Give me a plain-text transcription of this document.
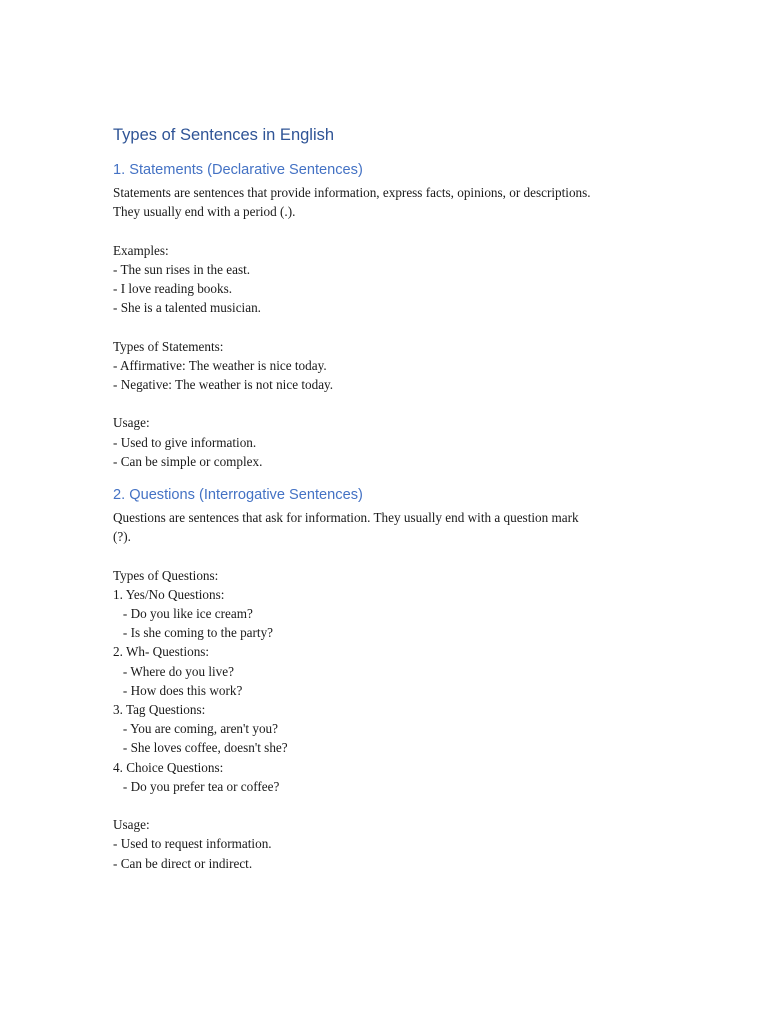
Types of Sentences in English
1. Statements (Declarative Sentences)
Statements are sentences that provide information, express facts, opinions, or descriptions.
They usually end with a period (.).
Examples:
- The sun rises in the east.
- I love reading books.
- She is a talented musician.
Types of Statements:
- Affirmative: The weather is nice today.
- Negative: The weather is not nice today.
Usage:
- Used to give information.
- Can be simple or complex.
2. Questions (Interrogative Sentences)
Questions are sentences that ask for information. They usually end with a question mark
(?).
Types of Questions:
1. Yes/No Questions:
- Do you like ice cream?
- Is she coming to the party?
2. Wh- Questions:
- Where do you live?
- How does this work?
3. Tag Questions:
- You are coming, aren't you?
- She loves coffee, doesn't she?
4. Choice Questions:
- Do you prefer tea or coffee?
Usage:
- Used to request information.
- Can be direct or indirect.
